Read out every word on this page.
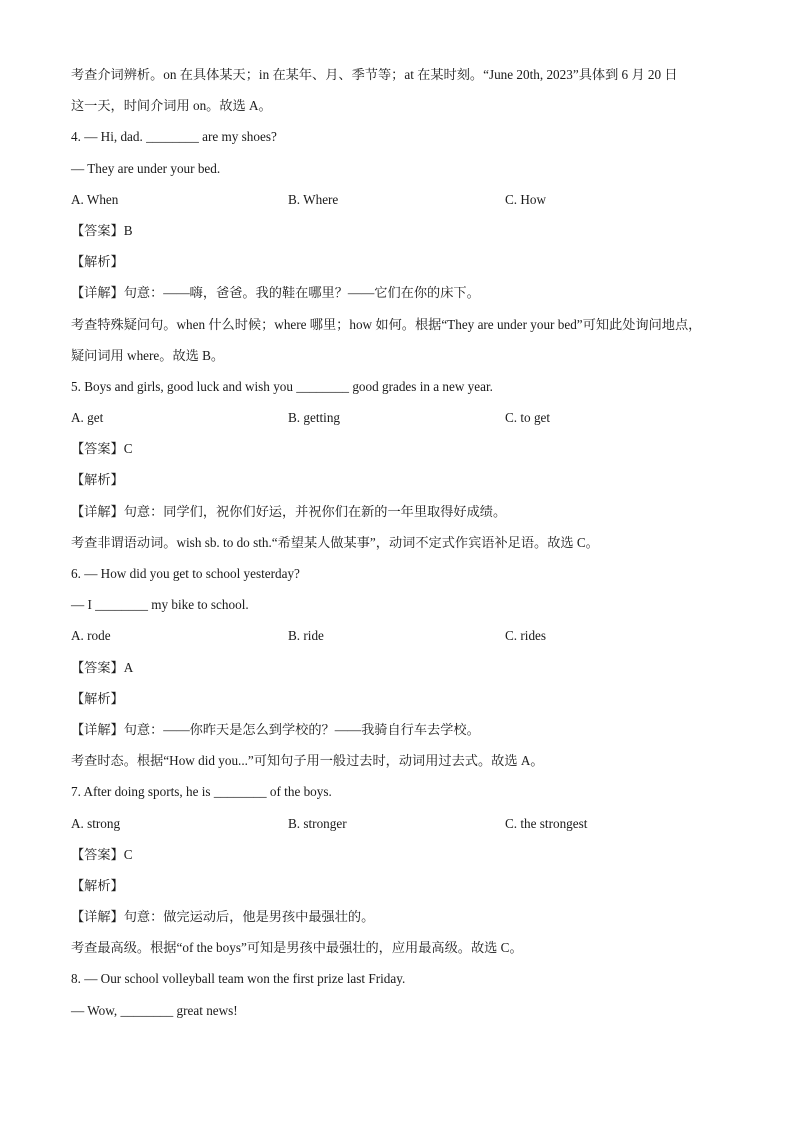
考查介词辨析。on 在具体某天；in 在某年、月、季节等；at 在某时刻。“June 20th, 2023”具体到 6 月 20 日
这一天，时间介词用 on。故选 A。
4. — Hi, dad. ________ are my shoes?
— They are under your bed.
A. When	B. Where	C. How
【答案】B
【解析】
【详解】句意：——嗨，爸爸。我的鞋在哪里？——它们在你的床下。
考查特殊疑问句。when 什么时候；where 哪里；how 如何。根据“They are under your bed”可知此处询问地点，
疑问词用 where。故选 B。
5. Boys and girls, good luck and wish you ________ good grades in a new year.
A. get	B. getting	C. to get
【答案】C
【解析】
【详解】句意：同学们，祝你们好运，并祝你们在新的一年里取得好成绩。
考查非谓语动词。wish sb. to do sth.“希望某人做某事”，动词不定式作宾语补足语。故选 C。
6. — How did you get to school yesterday?
— I ________ my bike to school.
A. rode	B. ride	C. rides
【答案】A
【解析】
【详解】句意：——你昨天是怎么到学校的？——我骑自行车去学校。
考查时态。根据“How did you...”可知句子用一般过去时，动词用过去式。故选 A。
7. After doing sports, he is ________ of the boys.
A. strong	B. stronger	C. the strongest
【答案】C
【解析】
【详解】句意：做完运动后，他是男孩中最强壮的。
考查最高级。根据“of the boys”可知是男孩中最强壮的，应用最高级。故选 C。
8. — Our school volleyball team won the first prize last Friday.
— Wow, ________ great news!
